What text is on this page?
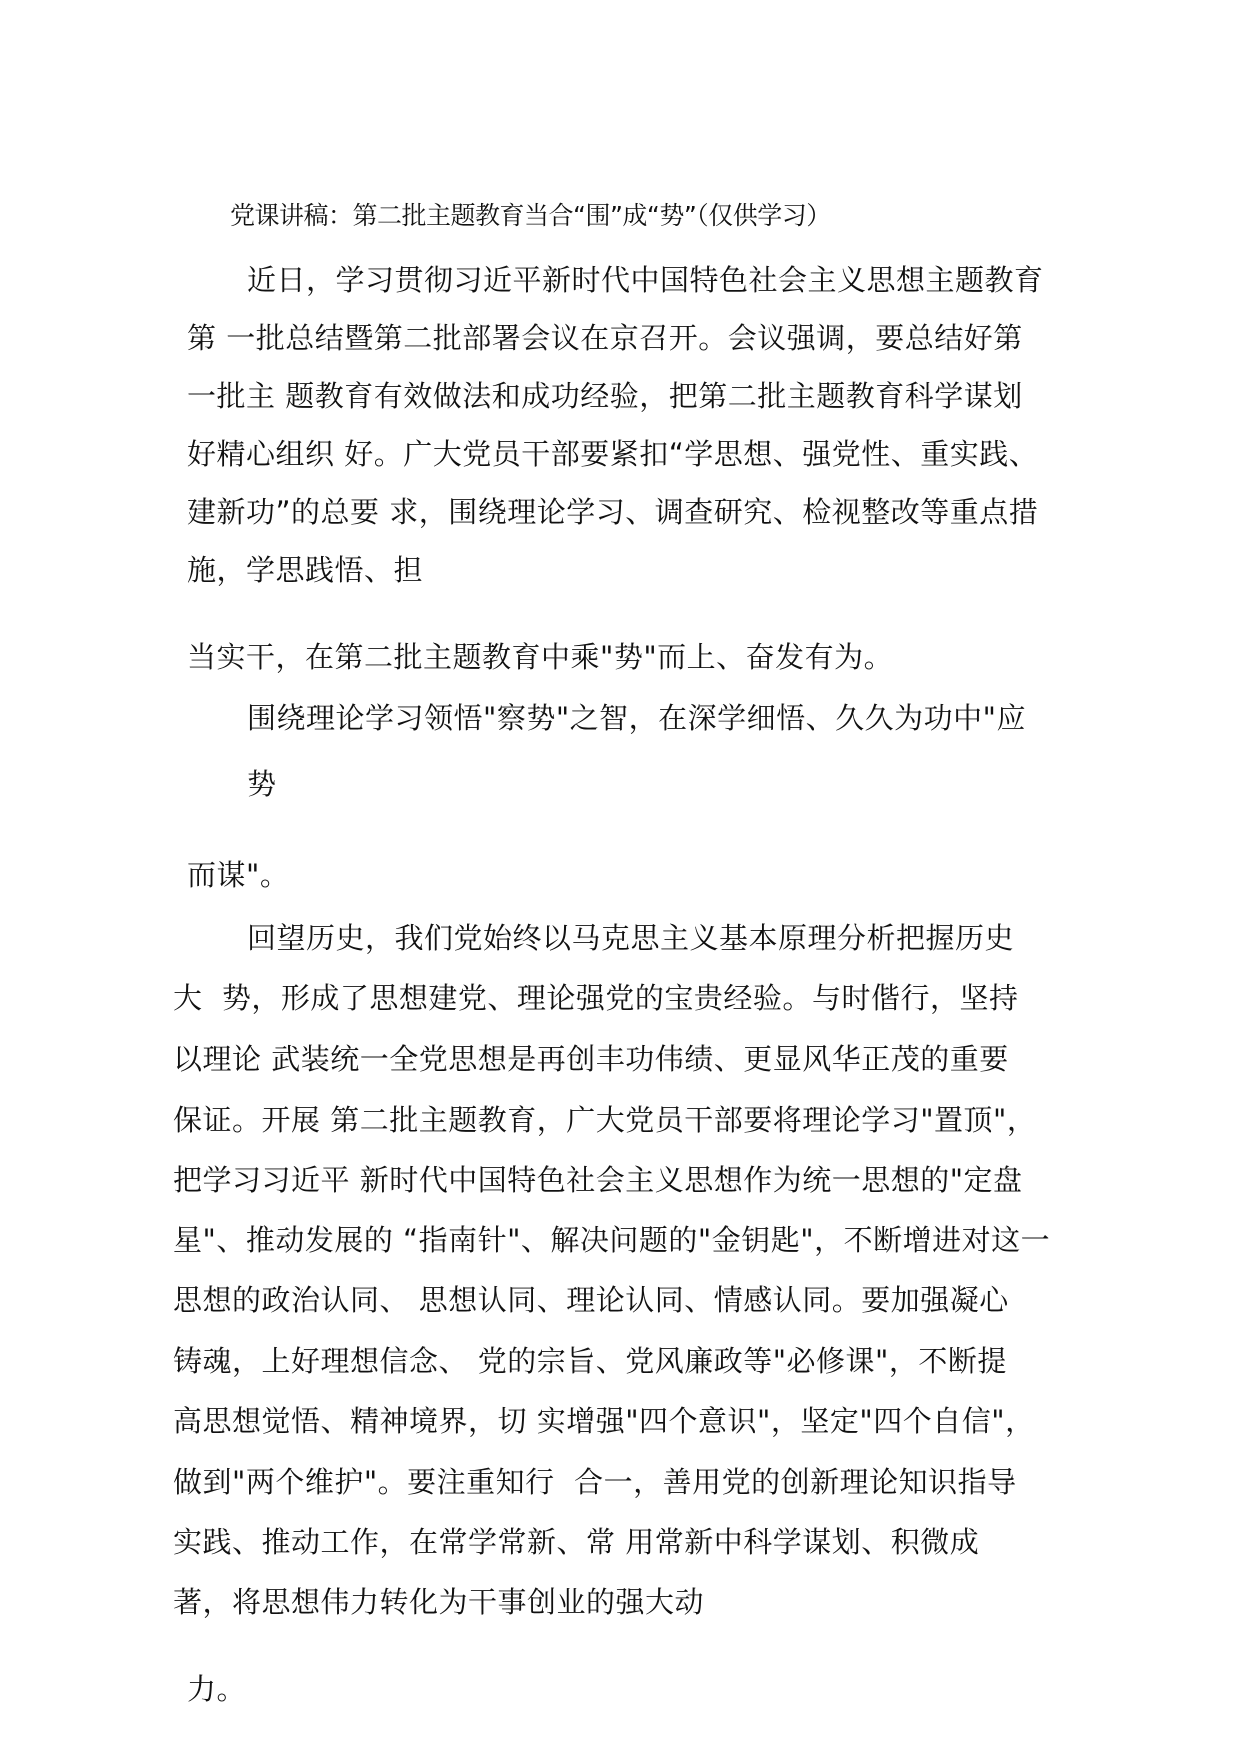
党课讲稿：第二批主题教育当合“围”成“势”（仅供学习）
近日，学习贯彻习近平新时代中国特色社会主义思想主题教育
第 一批总结暨第二批部署会议在京召开。会议强调，要总结好第
一批主 题教育有效做法和成功经验，把第二批主题教育科学谋划
好精心组织 好。广大党员干部要紧扣“学思想、强党性、重实践、
建新功”的总要 求，围绕理论学习、调查研究、检视整改等重点措
施，学思践悟、担
当实干，在第二批主题教育中乘"势"而上、奋发有为。
围绕理论学习领悟"察势"之智，在深学细悟、久久为功中"应
势
而谋"。
回望历史，我们党始终以马克思主义基本原理分析把握历史
大  势，形成了思想建党、理论强党的宝贵经验。与时偕行，坚持
以理论 武装统一全党思想是再创丰功伟绩、更显风华正茂的重要
保证。开展 第二批主题教育，广大党员干部要将理论学习"置顶"，
把学习习近平 新时代中国特色社会主义思想作为统一思想的"定盘
星"、推动发展的 “指南针"、解决问题的"金钥匙"，不断增进对这一
思想的政治认同、 思想认同、理论认同、情感认同。要加强凝心
铸魂，上好理想信念、 党的宗旨、党风廉政等"必修课"，不断提
高思想觉悟、精神境界，切 实增强"四个意识"，坚定"四个自信"，
做到"两个维护"。要注重知行  合一，善用党的创新理论知识指导
实践、推动工作，在常学常新、常 用常新中科学谋划、积微成
著，将思想伟力转化为干事创业的强大动
力。
